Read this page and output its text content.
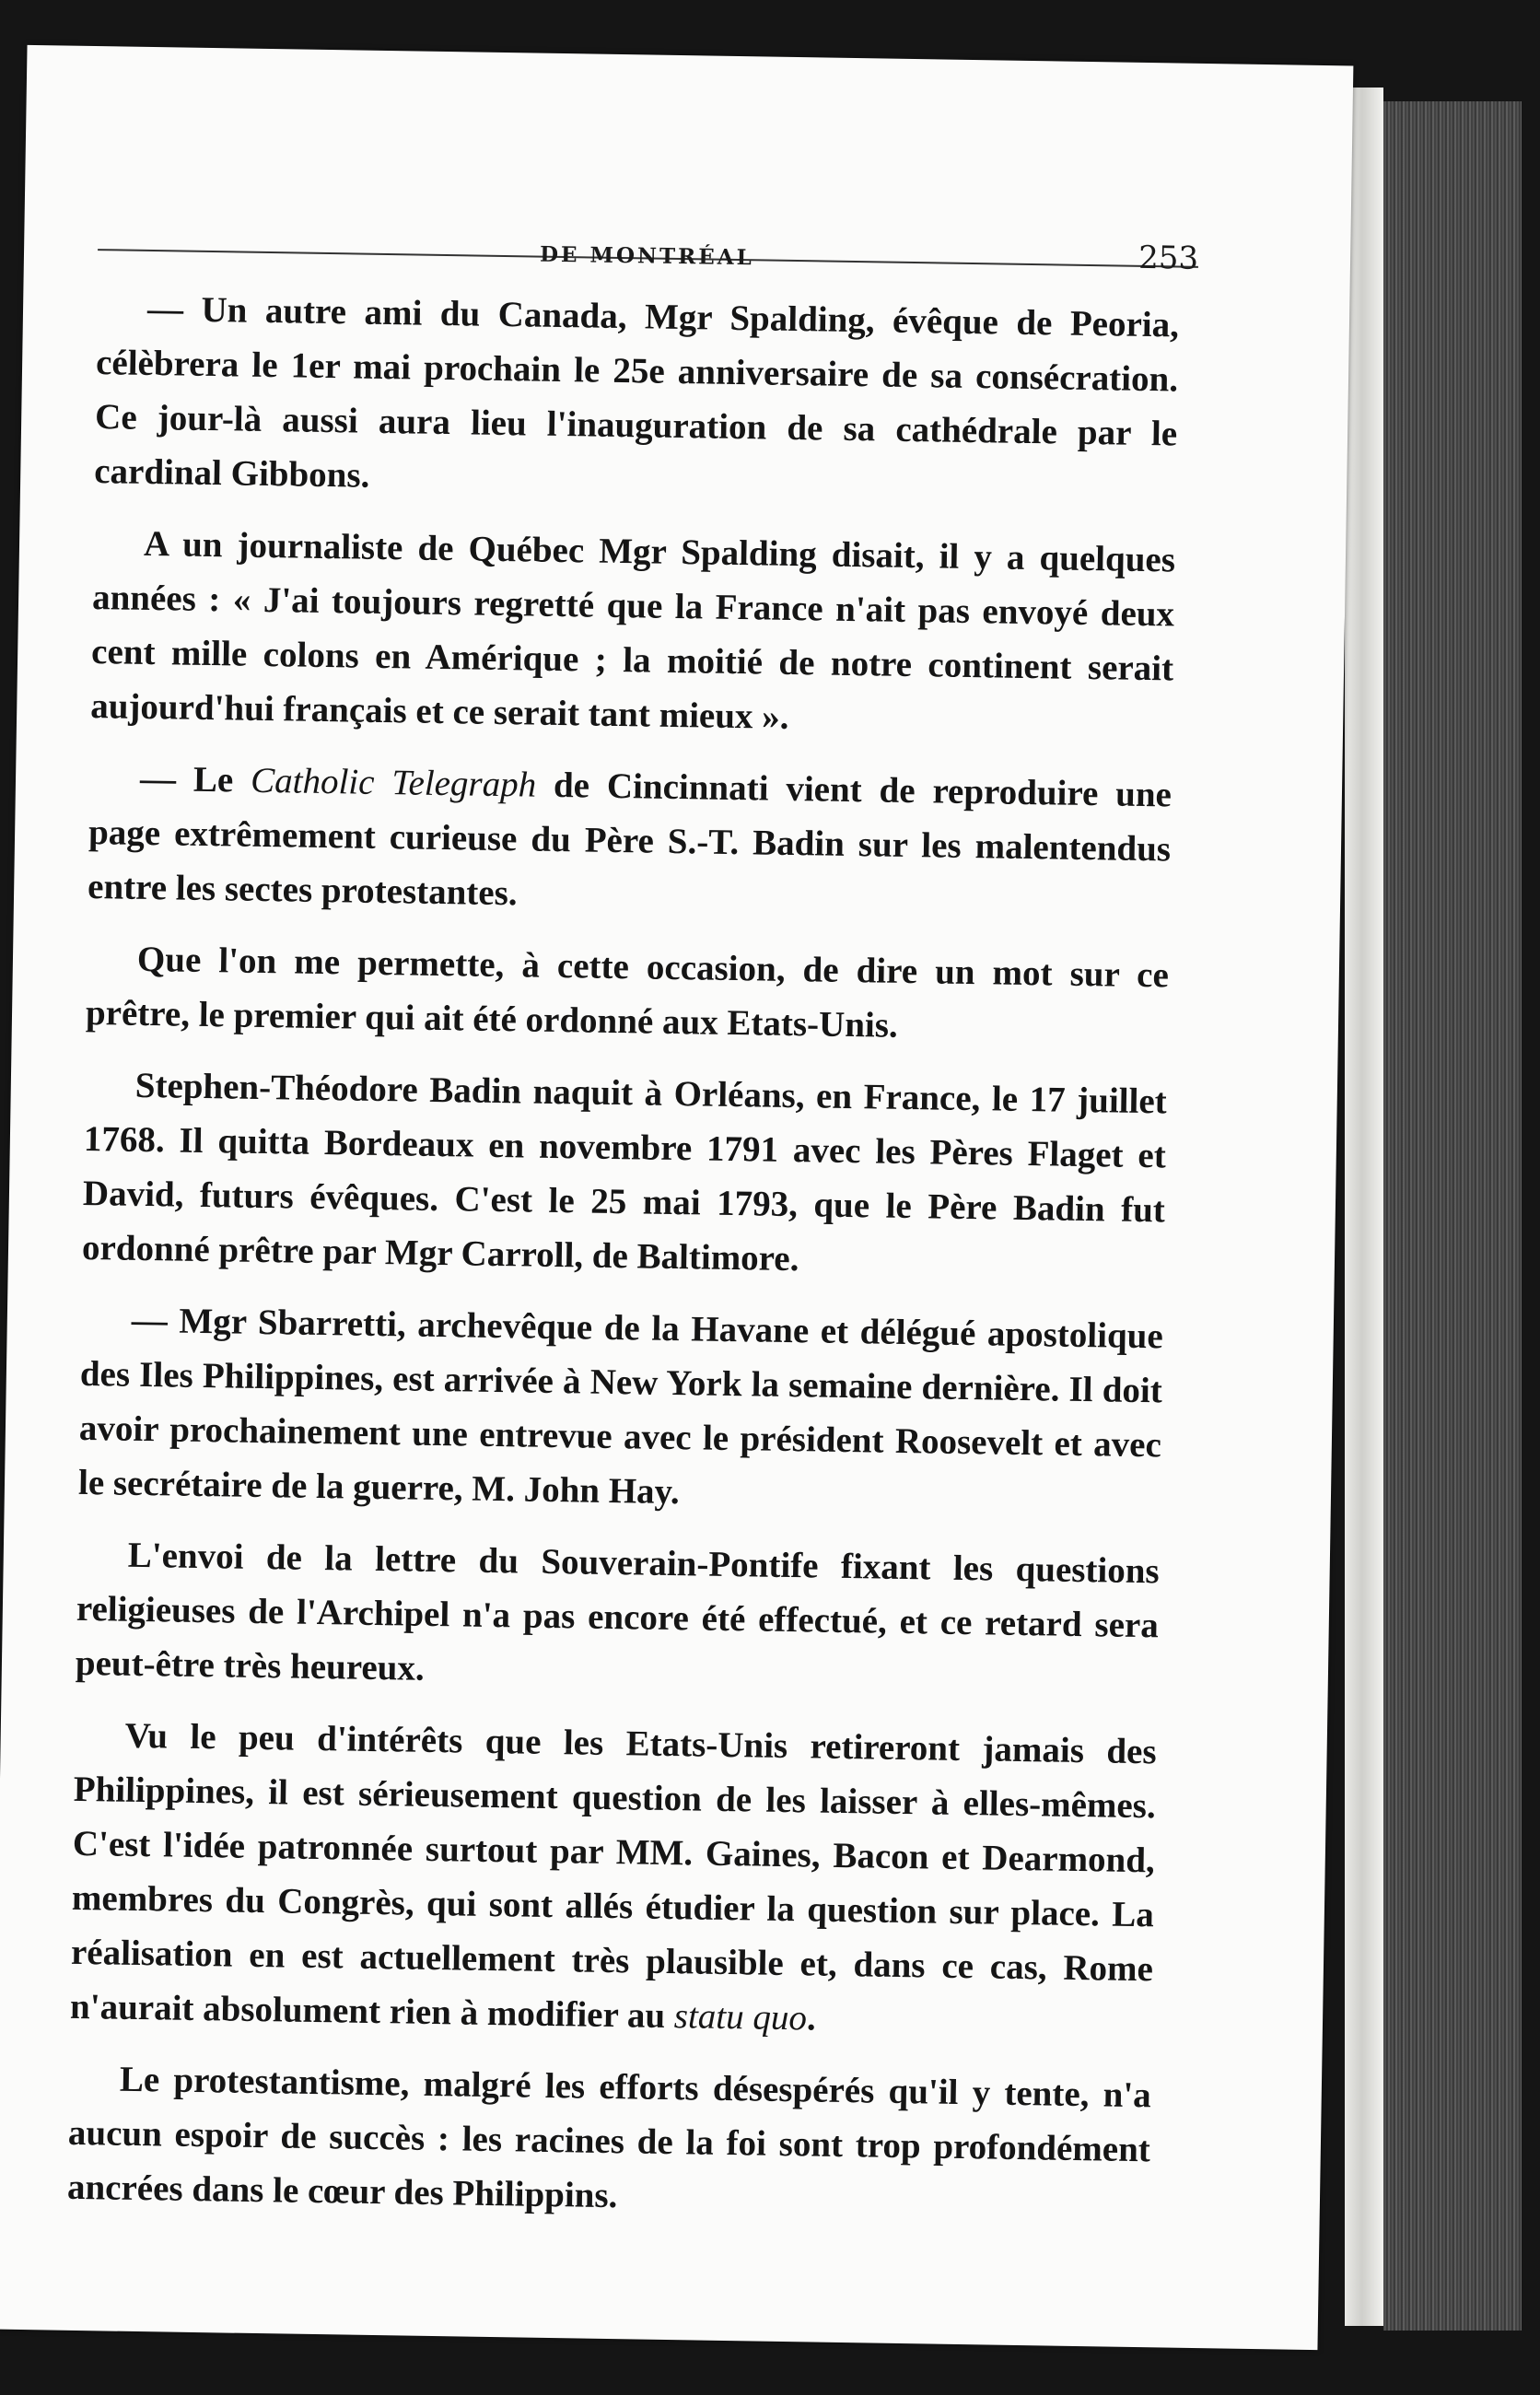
DE MONTRÉAL	253

— Un autre ami du Canada, Mgr Spalding, évêque de Peoria, célèbrera le 1er mai prochain le 25e anniversaire de sa consécration. Ce jour-là aussi aura lieu l'inauguration de sa cathédrale par le cardinal Gibbons.

A un journaliste de Québec Mgr Spalding disait, il y a quelques années : « J'ai toujours regretté que la France n'ait pas envoyé deux cent mille colons en Amérique ; la moitié de notre continent serait aujourd'hui français et ce serait tant mieux ».

— Le Catholic Telegraph de Cincinnati vient de reproduire une page extrêmement curieuse du Père S.-T. Badin sur les malentendus entre les sectes protestantes.

Que l'on me permette, à cette occasion, de dire un mot sur ce prêtre, le premier qui ait été ordonné aux Etats-Unis.

Stephen-Théodore Badin naquit à Orléans, en France, le 17 juillet 1768. Il quitta Bordeaux en novembre 1791 avec les Pères Flaget et David, futurs évêques. C'est le 25 mai 1793, que le Père Badin fut ordonné prêtre par Mgr Carroll, de Baltimore.

— Mgr Sbarretti, archevêque de la Havane et délégué apostolique des Iles Philippines, est arrivée à New York la semaine dernière. Il doit avoir prochainement une entrevue avec le président Roosevelt et avec le secrétaire de la guerre, M. John Hay.

L'envoi de la lettre du Souverain-Pontife fixant les questions religieuses de l'Archipel n'a pas encore été effectué, et ce retard sera peut-être très heureux.

Vu le peu d'intérêts que les Etats-Unis retireront jamais des Philippines, il est sérieusement question de les laisser à elles-mêmes. C'est l'idée patronnée surtout par MM. Gaines, Bacon et Dearmond, membres du Congrès, qui sont allés étudier la question sur place. La réalisation en est actuellement très plausible et, dans ce cas, Rome n'aurait absolument rien à modifier au statu quo.

Le protestantisme, malgré les efforts désespérés qu'il y tente, n'a aucun espoir de succès : les racines de la foi sont trop profondément ancrées dans le cœur des Philippins.
